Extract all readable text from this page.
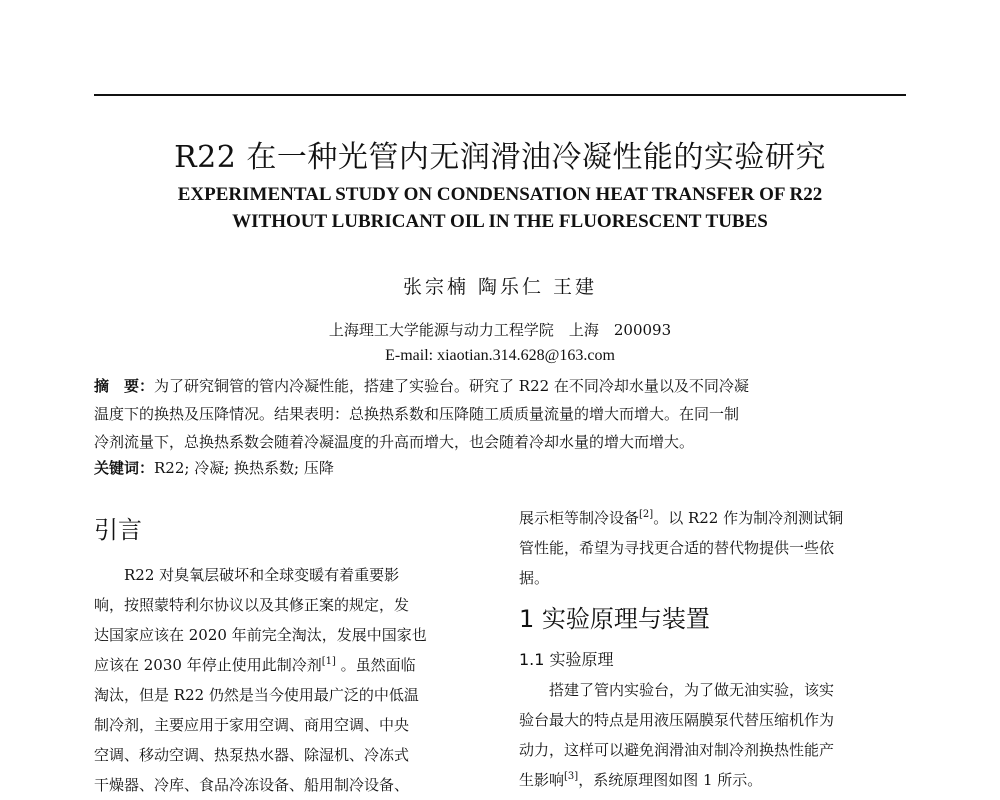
R22 在一种光管内无润滑油冷凝性能的实验研究
EXPERIMENTAL STUDY ON CONDENSATION HEAT TRANSFER OF R22
WITHOUT LUBRICANT OIL IN THE FLUORESCENT TUBES
张宗楠 陶乐仁 王建
上海理工大学能源与动力工程学院　上海　200093
E-mail: xiaotian.314.628@163.com
摘　要：为了研究铜管的管内冷凝性能，搭建了实验台。研究了 R22 在不同冷却水量以及不同冷凝
温度下的换热及压降情况。结果表明：总换热系数和压降随工质质量流量的增大而增大。在同一制
冷剂流量下，总换热系数会随着冷凝温度的升高而增大，也会随着冷却水量的增大而增大。
关键词：R22; 冷凝; 换热系数; 压降
引言
　　R22 对臭氧层破坏和全球变暖有着重要影
响，按照蒙特利尔协议以及其修正案的规定，发
达国家应该在 2020 年前完全淘汰，发展中国家也
应该在 2030 年停止使用此制冷剂[1] 。虽然面临
淘汰，但是 R22 仍然是当今使用最广泛的中低温
制冷剂，主要应用于家用空调、商用空调、中央
空调、移动空调、热泵热水器、除湿机、冷冻式
干燥器、冷库、食品冷冻设备、船用制冷设备、
展示柜等制冷设备[2]。以 R22 作为制冷剂测试铜
管性能，希望为寻找更合适的替代物提供一些依
据。
1 实验原理与装置
1.1 实验原理
　　搭建了管内实验台，为了做无油实验，该实
验台最大的特点是用液压隔膜泵代替压缩机作为
动力，这样可以避免润滑油对制冷剂换热性能产
生影响[3]，系统原理图如图 1 所示。
